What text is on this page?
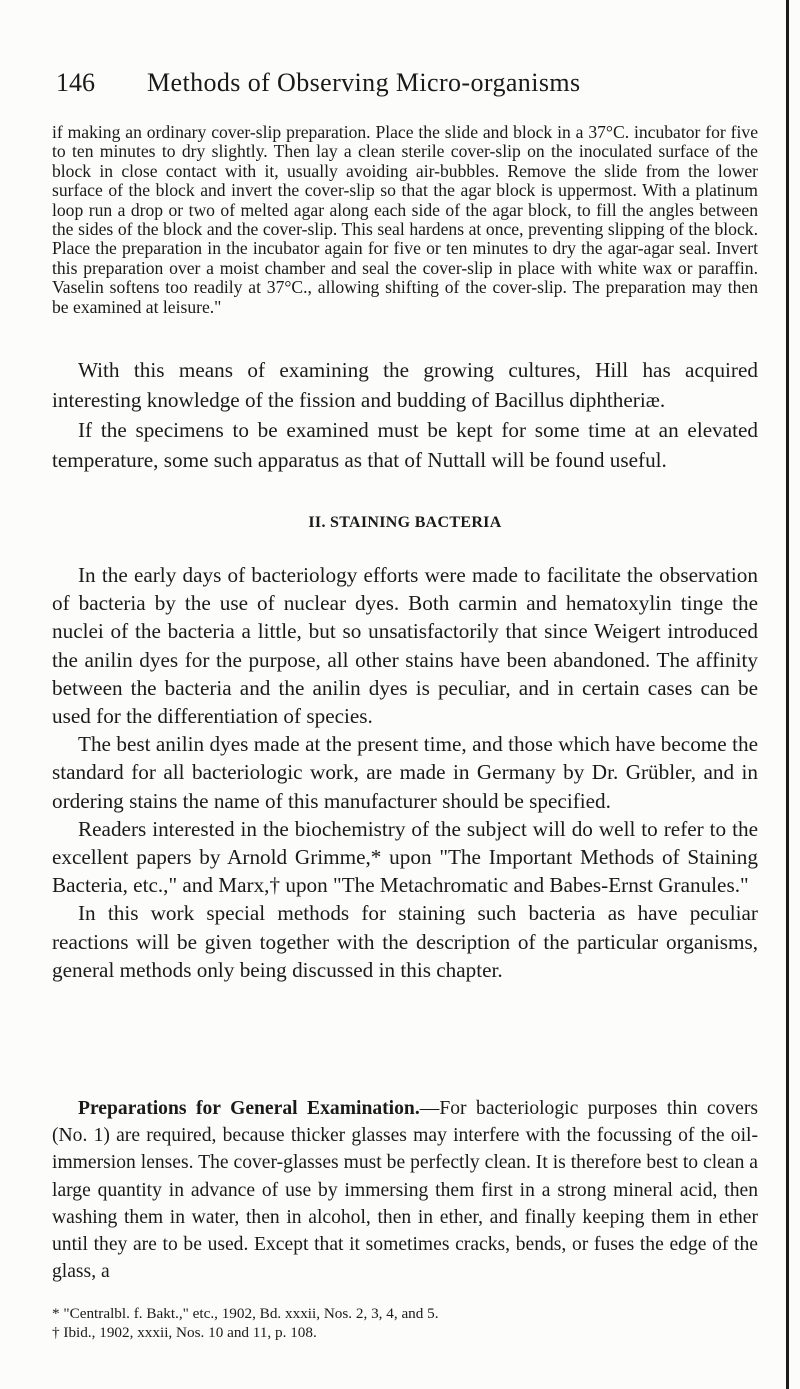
146 Methods of Observing Micro-organisms

if making an ordinary cover-slip preparation. Place the slide and block in a 37°C. incubator for five to ten minutes to dry slightly. Then lay a clean sterile cover-slip on the inoculated surface of the block in close contact with it, usually avoiding air-bubbles. Remove the slide from the lower surface of the block and invert the cover-slip so that the agar block is uppermost. With a platinum loop run a drop or two of melted agar along each side of the agar block, to fill the angles between the sides of the block and the cover-slip. This seal hardens at once, preventing slipping of the block. Place the preparation in the incubator again for five or ten minutes to dry the agar-agar seal. Invert this preparation over a moist chamber and seal the cover-slip in place with white wax or paraffin. Vaselin softens too readily at 37°C., allowing shifting of the cover-slip. The preparation may then be examined at leisure."

With this means of examining the growing cultures, Hill has acquired interesting knowledge of the fission and budding of Bacillus diphtheriæ.

If the specimens to be examined must be kept for some time at an elevated temperature, some such apparatus as that of Nuttall will be found useful.

II. STAINING BACTERIA

In the early days of bacteriology efforts were made to facilitate the observation of bacteria by the use of nuclear dyes. Both carmin and hematoxylin tinge the nuclei of the bacteria a little, but so unsatisfactorily that since Weigert introduced the anilin dyes for the purpose, all other stains have been abandoned. The affinity between the bacteria and the anilin dyes is peculiar, and in certain cases can be used for the differentiation of species.

The best anilin dyes made at the present time, and those which have become the standard for all bacteriologic work, are made in Germany by Dr. Grübler, and in ordering stains the name of this manufacturer should be specified.

Readers interested in the biochemistry of the subject will do well to refer to the excellent papers by Arnold Grimme,* upon "The Important Methods of Staining Bacteria, etc.," and Marx,† upon "The Metachromatic and Babes-Ernst Granules."

In this work special methods for staining such bacteria as have peculiar reactions will be given together with the description of the particular organisms, general methods only being discussed in this chapter.

Preparations for General Examination.—For bacteriologic purposes thin covers (No. 1) are required, because thicker glasses may interfere with the focussing of the oil-immersion lenses. The cover-glasses must be perfectly clean. It is therefore best to clean a large quantity in advance of use by immersing them first in a strong mineral acid, then washing them in water, then in alcohol, then in ether, and finally keeping them in ether until they are to be used. Except that it sometimes cracks, bends, or fuses the edge of the glass, a

* "Centralbl. f. Bakt.," etc., 1902, Bd. xxxii, Nos. 2, 3, 4, and 5.

† Ibid., 1902, xxxii, Nos. 10 and 11, p. 108.
